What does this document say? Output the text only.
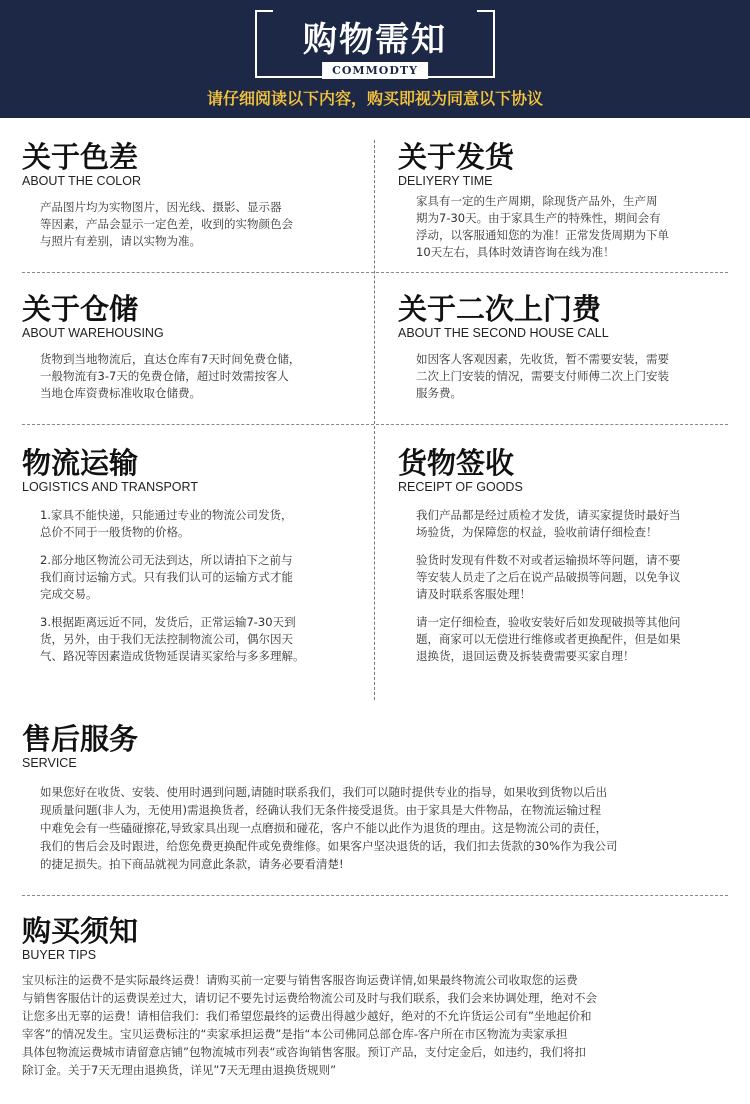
购物需知
COMMODTY
请仔细阅读以下内容，购买即视为同意以下协议
关于色差
ABOUT THE COLOR
产品图片均为实物图片，因光线、摄影、显示器
等因素，产品会显示一定色差，收到的实物颜色会
与照片有差别，请以实物为准。
关于发货
DELIYERY TIME
家具有一定的生产周期，除现货产品外，生产周
期为7-30天。由于家具生产的特殊性，期间会有
浮动，以客服通知您的为准！正常发货周期为下单
10天左右，具体时效请咨询在线为准！
关于仓储
ABOUT WAREHOUSING
货物到当地物流后，直达仓库有7天时间免费仓储，
一般物流有3-7天的免费仓储，超过时效需按客人
当地仓库资费标准收取仓储费。
关于二次上门费
ABOUT THE SECOND HOUSE CALL
如因客人客观因素，先收货，暂不需要安装，需要
二次上门安装的情况，需要支付师傅二次上门安装
服务费。
物流运输
LOGISTICS AND TRANSPORT

1.家具不能快递，只能通过专业的物流公司发货，
总价不同于一般货物的价格。

2.部分地区物流公司无法到达，所以请拍下之前与
我们商讨运输方式。只有我们认可的运输方式才能
完成交易。

3.根据距离远近不同，发货后，正常运输7-30天到
货，另外，由于我们无法控制物流公司，偶尔因天
气、路况等因素造成货物延误请买家给与多多理解。

货物签收
RECEIPT OF GOODS

我们产品都是经过质检才发货，请买家提货时最好当
场验货，为保障您的权益，验收前请仔细检查！

验货时发现有件数不对或者运输损坏等问题，请不要
等安装人员走了之后在说产品破损等问题，以免争议
请及时联系客服处理！

请一定仔细检查，验收安装好后如发现破损等其他问
题，商家可以无偿进行维修或者更换配件，但是如果
退换货，退回运费及拆装费需要买家自理！

售后服务
SERVICE
如果您好在收货、安装、使用时遇到问题,请随时联系我们，我们可以随时提供专业的指导，如果收到货物以后出
现质量问题(非人为，无使用)需退换货者，经确认我们无条件接受退货。由于家具是大件物品，在物流运输过程
中难免会有一些磕碰擦花,导致家具出现一点磨损和碰花，客户不能以此作为退货的理由。这是物流公司的责任，
我们的售后会及时跟进，给您免费更换配件或免费维修。如果客户坚决退货的话，我们扣去货款的30%作为我公司
的捷足损失。拍下商品就视为同意此条款，请务必要看清楚!
购买须知
BUYER TIPS
宝贝标注的运费不是实际最终运费！请购买前一定要与销售客服咨询运费详情,如果最终物流公司收取您的运费
与销售客服估计的运费误差过大，请切记不要先讨运费给物流公司及时与我们联系，我们会来协调处理，绝对不会
让您多出无辜的运费！请相信我们：我们希望您最终的运费出得越少越好，绝对的不允许货运公司有”坐地起价和
宰客”的情况发生。宝贝运费标注的“卖家承担运费”是指“本公司佛同总部仓库-客户所在市区物流为卖家承担
具体包物流运费城市请留意店铺”包物流城市列表“或咨询销售客服。预订产品，支付定金后，如违约，我们将扣
除订金。关于7天无理由退换货，详见”7天无理由退换货规则”
